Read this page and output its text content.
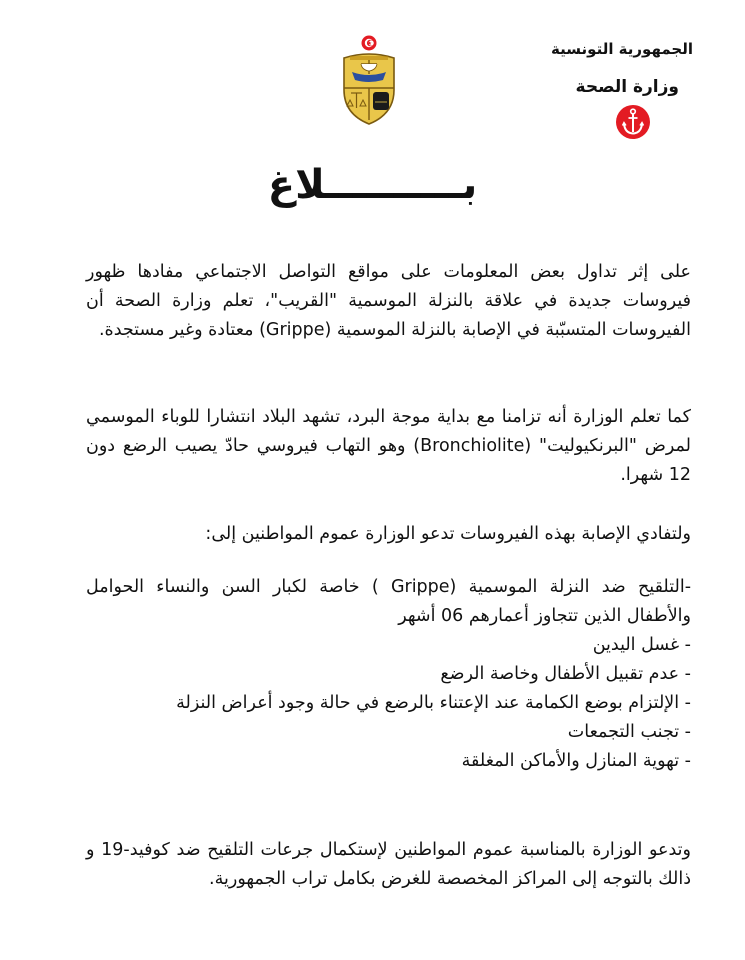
الجمهورية التونسية
وزارة الصحة
بــــــــــلاغ
على إثر تداول بعض المعلومات على مواقع التواصل الاجتماعي مفادها ظهور فيروسات جديدة في علاقة بالنزلة الموسمية "القريب"، تعلم وزارة الصحة أن الفيروسات المتسبّبة في الإصابة بالنزلة الموسمية (Grippe) معتادة وغير مستجدة.
كما تعلم الوزارة أنه تزامنا مع بداية موجة البرد، تشهد البلاد انتشارا للوباء الموسمي لمرض "البرنكيوليت" (Bronchiolite) وهو التهاب فيروسي حادّ يصيب الرضع دون 12 شهرا.
ولتفادي الإصابة بهذه الفيروسات تدعو الوزارة عموم المواطنين إلى:

-التلقيح ضد النزلة الموسمية (Grippe ) خاصة لكبار السن والنساء الحوامل والأطفال الذين تتجاوز أعمارهم 06 أشهر

- غسل اليدين

- عدم تقبيل الأطفال وخاصة الرضع

- الإلتزام بوضع الكمامة عند الإعتناء بالرضع في حالة وجود أعراض النزلة

- تجنب التجمعات

- تهوية المنازل والأماكن المغلقة

وتدعو الوزارة بالمناسبة عموم المواطنين لإستكمال جرعات التلقيح ضد كوفيد-19 و ذالك بالتوجه إلى المراكز المخصصة للغرض بكامل تراب الجمهورية.
